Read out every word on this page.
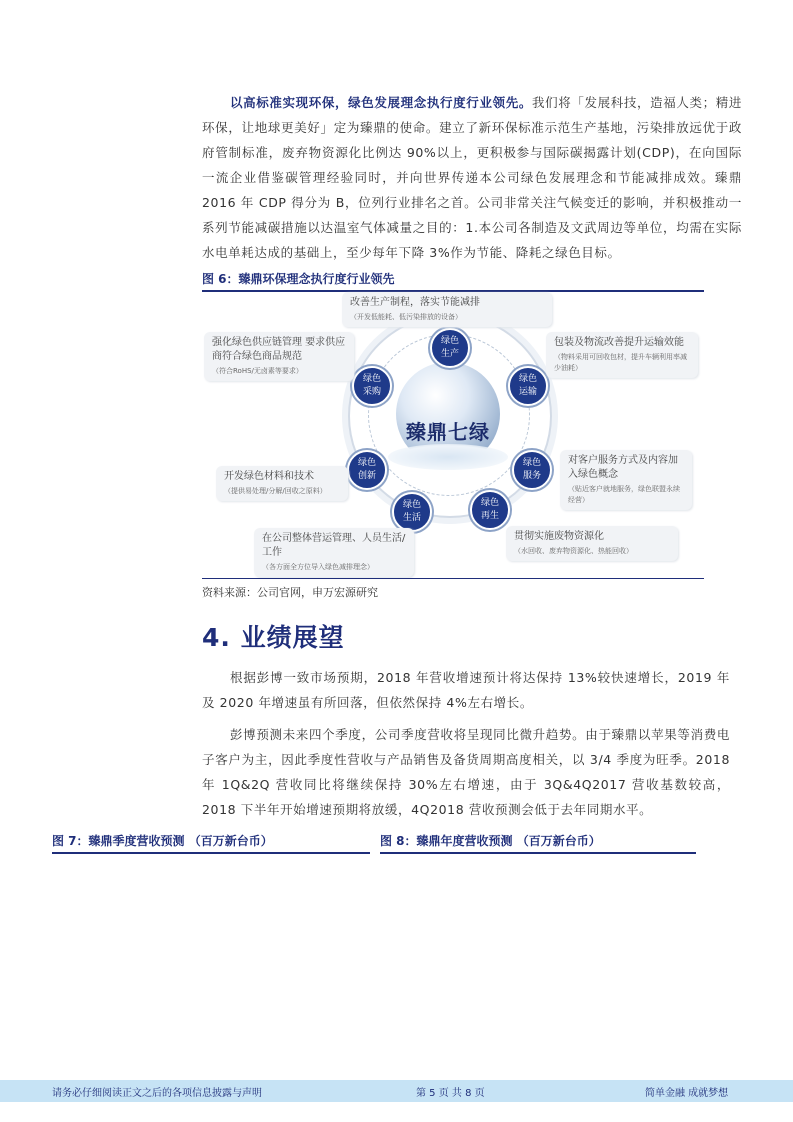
以高标准实现环保，绿色发展理念执行度行业领先。我们将「发展科技，造福人类；精进环保，让地球更美好」定为臻鼎的使命。建立了新环保标准示范生产基地，污染排放远优于政府管制标准，废弃物资源化比例达 90%以上，更积极参与国际碳揭露计划(CDP)，在向国际一流企业借鉴碳管理经验同时，并向世界传递本公司绿色发展理念和节能减排成效。臻鼎 2016 年 CDP 得分为 B，位列行业排名之首。公司非常关注气候变迁的影响，并积极推动一系列节能减碳措施以达温室气体减量之目的：1.本公司各制造及文武周边等单位，均需在实际水电单耗达成的基础上，至少每年下降 3%作为节能、降耗之绿色目标。

图 6：臻鼎环保理念执行度行业领先
臻鼎七绿
绿色生产
绿色运输
绿色服务
绿色再生
绿色生活
绿色创新
绿色采购
改善生产制程，落实节能减排
（开发低能耗、低污染排放的设备）
包装及物流改善提升运输效能
（物料采用可回收包材，提升车辆利用率减少油耗）
对客户服务方式及内容加入绿色概念
（贴近客户就地服务，绿色联盟永续经营）
贯彻实施废物资源化
（水回收、废弃物资源化、热能回收）
在公司整体营运管理、人员生活/工作
（各方面全方位导入绿色减排理念）
开发绿色材料和技术
（提供易处理/分解/回收之原料）
强化绿色供应链管理 要求供应商符合绿色商品规范
（符合RoHS/无卤素等要求）
资料来源：公司官网，申万宏源研究
4. 业绩展望

根据彭博一致市场预期，2018 年营收增速预计将达保持 13%较快速增长，2019 年及 2020 年增速虽有所回落，但依然保持 4%左右增长。

彭博预测未来四个季度，公司季度营收将呈现同比微升趋势。由于臻鼎以苹果等消费电子客户为主，因此季度性营收与产品销售及备货周期高度相关，以 3/4 季度为旺季。2018 年 1Q&2Q 营收同比将继续保持 30%左右增速，由于 3Q&4Q2017 营收基数较高，2018 下半年开始增速预期将放缓，4Q2018 营收预测会低于去年同期水平。

图 7：臻鼎季度营收预测 （百万新台币）	图 8：臻鼎年度营收预测 （百万新台币）
请务必仔细阅读正文之后的各项信息披露与声明	第 5 页 共 8 页	简单金融 成就梦想
